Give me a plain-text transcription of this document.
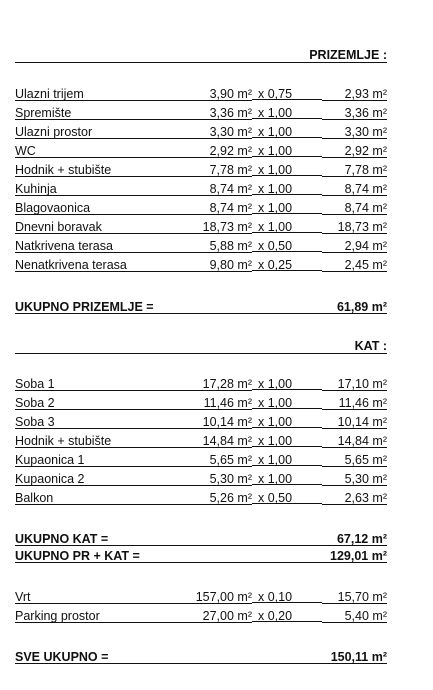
PRIZEMLJE :
Ulazni trijem	3,90 m² x 0,75	2,93 m²
Spremište	3,36 m² x 1,00	3,36 m²
Ulazni prostor	3,30 m² x 1,00	3,30 m²
WC	2,92 m² x 1,00	2,92 m²
Hodnik + stubište	7,78 m² x 1,00	7,78 m²
Kuhinja	8,74 m² x 1,00	8,74 m²
Blagovaonica	8,74 m² x 1,00	8,74 m²
Dnevni boravak	18,73 m² x 1,00	18,73 m²
Natkrivena terasa	5,88 m² x 0,50	2,94 m²
Nenatkrivena terasa	9,80 m² x 0,25	2,45 m²
UKUPNO PRIZEMLJE =	61,89 m²
KAT :
Soba 1	17,28 m² x 1,00	17,10 m²
Soba 2	11,46 m² x 1,00	11,46 m²
Soba 3	10,14 m² x 1,00	10,14 m²
Hodnik + stubište	14,84 m² x 1,00	14,84 m²
Kupaonica 1	5,65 m² x 1,00	5,65 m²
Kupaonica 2	5,30 m² x 1,00	5,30 m²
Balkon	5,26 m² x 0,50	2,63 m²
UKUPNO KAT =	67,12 m²
UKUPNO PR + KAT =	129,01 m²
Vrt	157,00 m² x 0,10	15,70 m²
Parking prostor	27,00 m² x 0,20	5,40 m²
SVE UKUPNO =	150,11 m²
